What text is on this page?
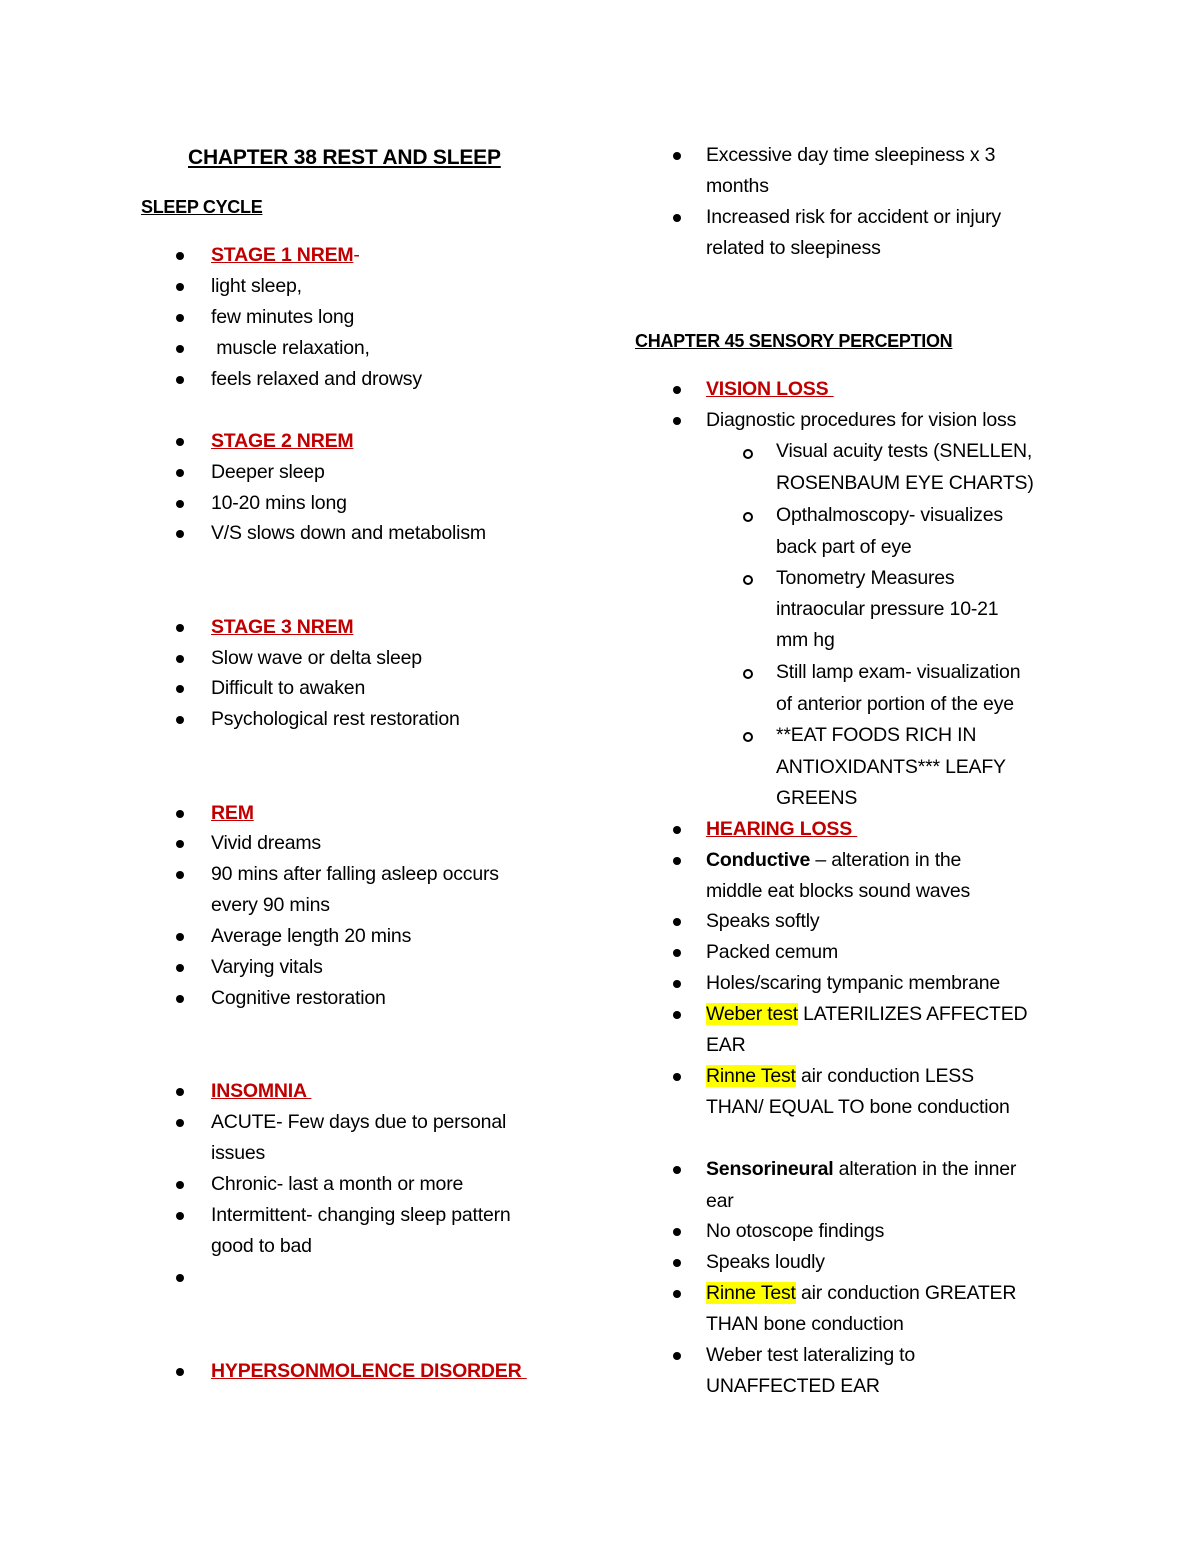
CHAPTER 38 REST AND SLEEP
SLEEP CYCLE
STAGE 1 NREM-
light sleep,
few minutes long
muscle relaxation,
feels relaxed and drowsy
STAGE 2 NREM
Deeper sleep
10-20 mins long
V/S slows down and metabolism
STAGE 3 NREM
Slow wave or delta sleep
Difficult to awaken
Psychological rest restoration
REM
Vivid dreams
90 mins after falling asleep occurs
every 90 mins
Average length 20 mins
Varying vitals
Cognitive restoration
INSOMNIA
ACUTE- Few days due to personal
issues
Chronic- last a month or more
Intermittent- changing sleep pattern
good to bad
HYPERSONMOLENCE DISORDER
Excessive day time sleepiness x 3
months
Increased risk for accident or injury
related to sleepiness
CHAPTER 45 SENSORY PERCEPTION
VISION LOSS
Diagnostic procedures for vision loss
Visual acuity tests (SNELLEN,
ROSENBAUM EYE CHARTS)
Opthalmoscopy- visualizes
back part of eye
Tonometry Measures
intraocular pressure 10-21
mm hg
Still lamp exam- visualization
of anterior portion of the eye
**EAT FOODS RICH IN
ANTIOXIDANTS*** LEAFY
GREENS
HEARING LOSS
Conductive – alteration in the
middle eat blocks sound waves
Speaks softly
Packed cemum
Holes/scaring tympanic membrane
Weber test LATERILIZES AFFECTED
EAR
Rinne Test air conduction LESS
THAN/ EQUAL TO bone conduction
Sensorineural alteration in the inner
ear
No otoscope findings
Speaks loudly
Rinne Test air conduction GREATER
THAN bone conduction
Weber test lateralizing to
UNAFFECTED EAR
